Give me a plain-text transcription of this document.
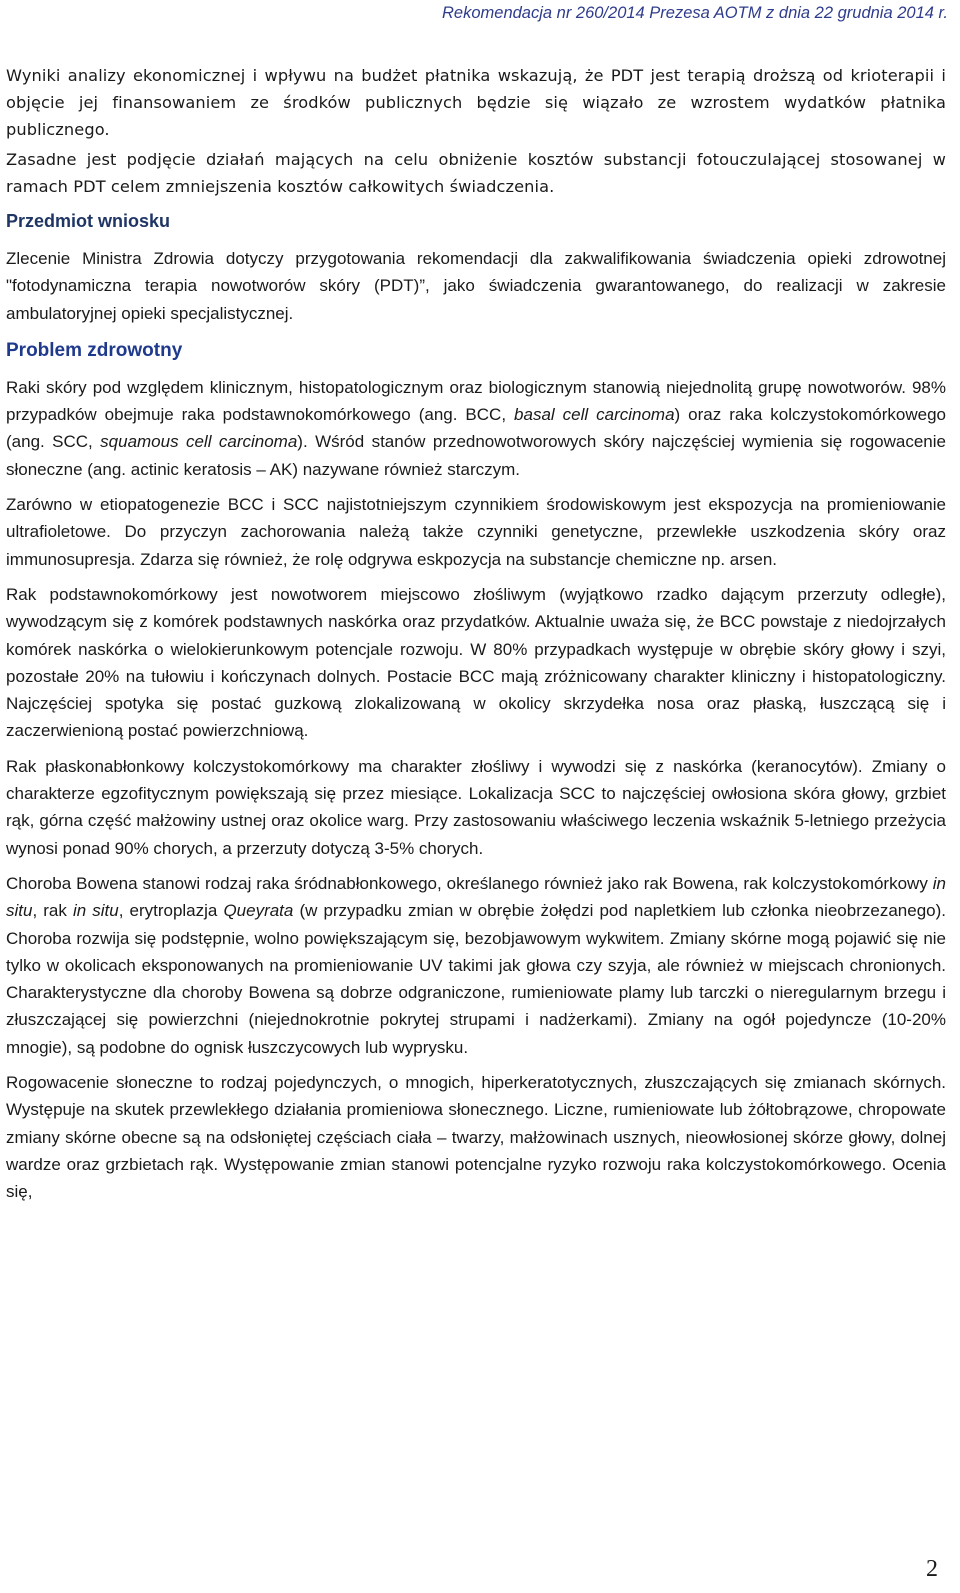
Rekomendacja nr 260/2014 Prezesa AOTM z dnia 22 grudnia 2014 r.

Wyniki analizy ekonomicznej i wpływu na budżet płatnika wskazują, że PDT jest terapią droższą od krioterapii i objęcie jej finansowaniem ze środków publicznych będzie się wiązało ze wzrostem wydatków płatnika publicznego.

Zasadne jest podjęcie działań mających na celu obniżenie kosztów substancji fotouczulającej stosowanej w ramach PDT celem zmniejszenia kosztów całkowitych świadczenia.

Przedmiot wniosku

Zlecenie Ministra Zdrowia dotyczy przygotowania rekomendacji dla zakwalifikowania świadczenia opieki zdrowotnej "fotodynamiczna terapia nowotworów skóry (PDT)”, jako świadczenia gwarantowanego, do realizacji w zakresie ambulatoryjnej opieki specjalistycznej.

Problem zdrowotny

Raki skóry pod względem klinicznym, histopatologicznym oraz biologicznym stanowią niejednolitą grupę nowotworów. 98% przypadków obejmuje raka podstawnokomórkowego (ang. BCC, basal cell carcinoma) oraz raka kolczystokomórkowego (ang. SCC, squamous cell carcinoma). Wśród stanów przednowotworowych skóry najczęściej wymienia się rogowacenie słoneczne (ang. actinic keratosis – AK) nazywane również starczym.

Zarówno w etiopatogenezie BCC i SCC najistotniejszym czynnikiem środowiskowym jest ekspozycja na promieniowanie ultrafioletowe. Do przyczyn zachorowania należą także czynniki genetyczne, przewlekłe uszkodzenia skóry oraz immunosupresja. Zdarza się również, że rolę odgrywa eskpozycja na substancje chemiczne np. arsen.

Rak podstawnokomórkowy jest nowotworem miejscowo złośliwym (wyjątkowo rzadko dającym przerzuty odległe), wywodzącym się z komórek podstawnych naskórka oraz przydatków. Aktualnie uważa się, że BCC powstaje z niedojrzałych komórek naskórka o wielokierunkowym potencjale rozwoju. W 80% przypadkach występuje w obrębie skóry głowy i szyi, pozostałe 20% na tułowiu i kończynach dolnych. Postacie BCC mają zróżnicowany charakter kliniczny i histopatologiczny. Najczęściej spotyka się postać guzkową zlokalizowaną w okolicy skrzydełka nosa oraz płaską, łuszczącą się i zaczerwienioną postać powierzchniową.

Rak płaskonabłonkowy kolczystokomórkowy ma charakter złośliwy i wywodzi się z naskórka (keranocytów). Zmiany o charakterze egzofitycznym powiększają się przez miesiące. Lokalizacja SCC to najczęściej owłosiona skóra głowy, grzbiet rąk, górna część małżowiny ustnej oraz okolice warg. Przy zastosowaniu właściwego leczenia wskaźnik 5-letniego przeżycia wynosi ponad 90% chorych, a przerzuty dotyczą 3-5% chorych.

Choroba Bowena stanowi rodzaj raka śródnabłonkowego, określanego również jako rak Bowena, rak kolczystokomórkowy in situ, rak in situ, erytroplazja Queyrata (w przypadku zmian w obrębie żołędzi pod napletkiem lub członka nieobrzezanego). Choroba rozwija się podstępnie, wolno powiększającym się, bezobjawowym wykwitem. Zmiany skórne mogą pojawić się nie tylko w okolicach eksponowanych na promieniowanie UV takimi jak głowa czy szyja, ale również w miejscach chronionych. Charakterystyczne dla choroby Bowena są dobrze odgraniczone, rumieniowate plamy lub tarczki o nieregularnym brzegu i złuszczającej się powierzchni (niejednokrotnie pokrytej strupami i nadżerkami). Zmiany na ogół pojedyncze (10-20% mnogie), są podobne do ognisk łuszczycowych lub wyprysku.

Rogowacenie słoneczne to rodzaj pojedynczych, o mnogich, hiperkeratotycznych, złuszczających się zmianach skórnych. Występuje na skutek przewlekłego działania promieniowa słonecznego. Liczne, rumieniowate lub żółtobrązowe, chropowate zmiany skórne obecne są na odsłoniętej częściach ciała – twarzy, małżowinach usznych, nieowłosionej skórze głowy, dolnej wardze oraz grzbietach rąk. Występowanie zmian stanowi potencjalne ryzyko rozwoju raka kolczystokomórkowego. Ocenia się,

2
